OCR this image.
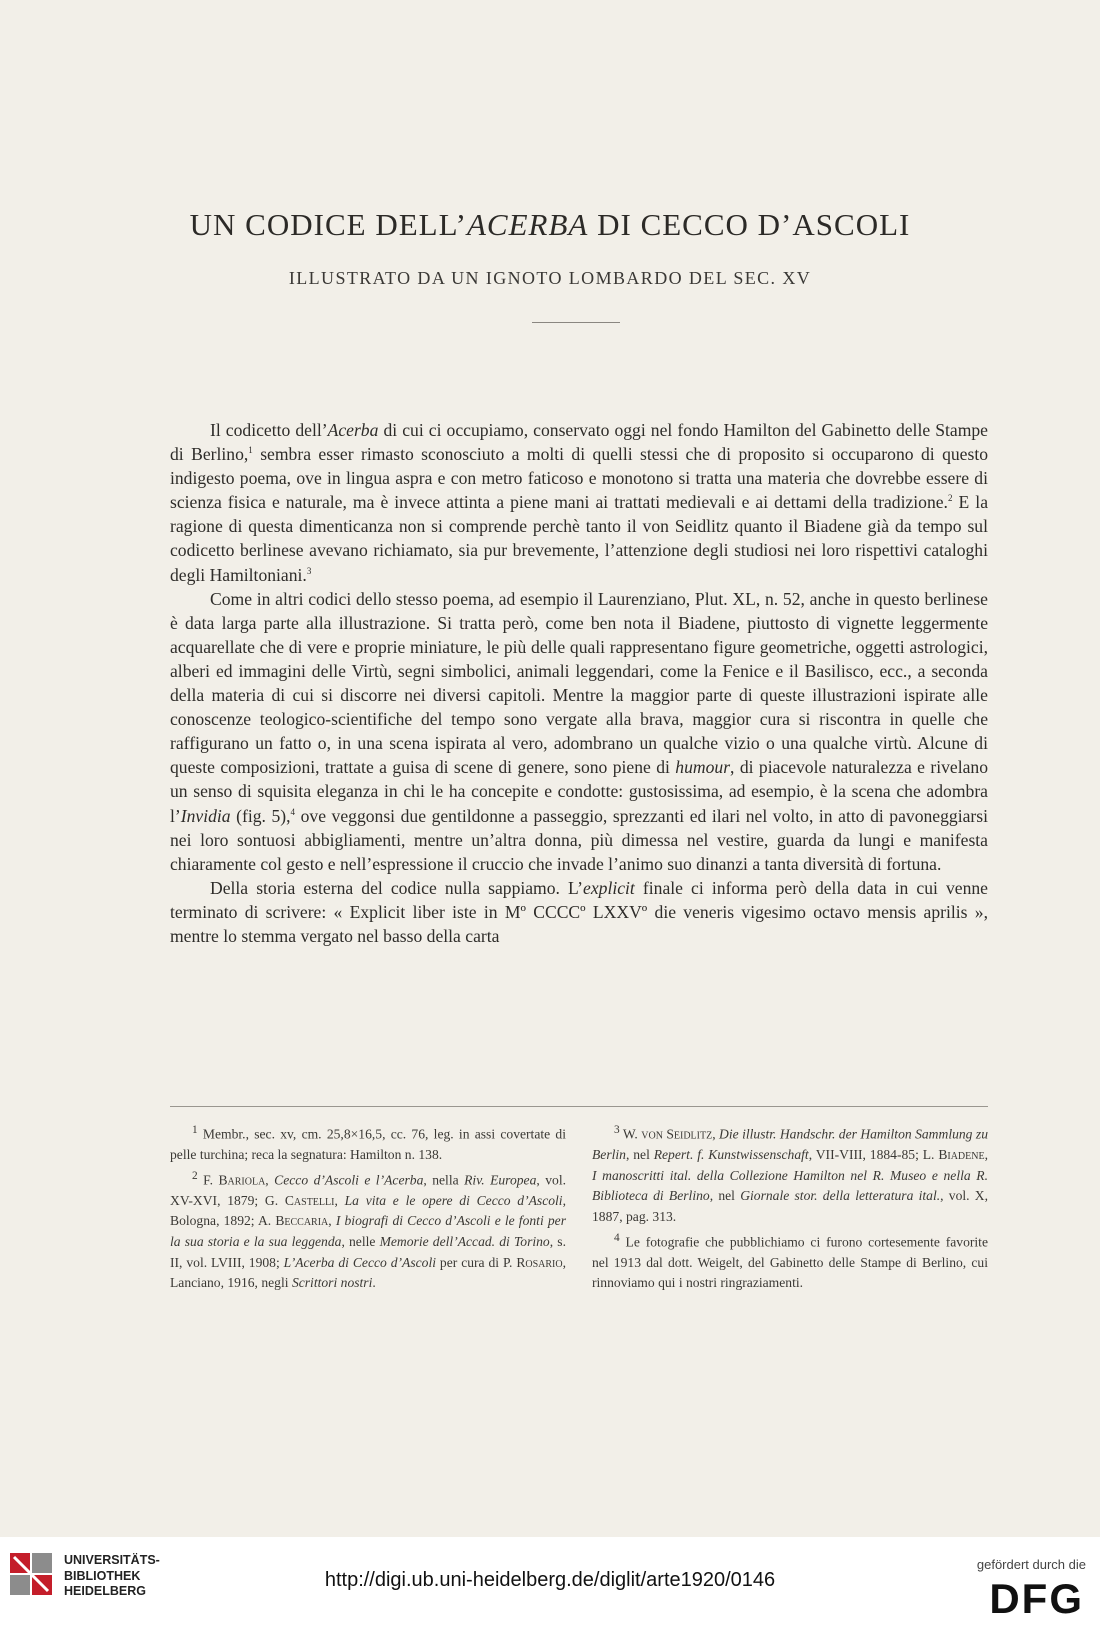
UN CODICE DELL’ACERBA DI CECCO D’ASCOLI
ILLUSTRATO DA UN IGNOTO LOMBARDO DEL SEC. XV

Il codicetto dell’Acerba di cui ci occupiamo, conservato oggi nel fondo Hamilton del Gabinetto delle Stampe di Berlino,$^1$ sembra esser rimasto sconosciuto a molti di quelli stessi che di proposito si occuparono di questo indigesto poema, ove in lingua aspra e con metro faticoso e monotono si tratta una materia che dovrebbe essere di scienza fisica e naturale, ma è invece attinta a piene mani ai trattati medievali e ai dettami della tradizione.$^2$ E la ragione di questa dimenticanza non si comprende perchè tanto il von Seidlitz quanto il Biadene già da tempo sul codicetto berlinese avevano richiamato, sia pur brevemente, l’attenzione degli studiosi nei loro rispettivi cataloghi degli Hamiltoniani.$^3$

Come in altri codici dello stesso poema, ad esempio il Laurenziano, Plut. XL, n. 52, anche in questo berlinese è data larga parte alla illustrazione. Si tratta però, come ben nota il Biadene, piuttosto di vignette leggermente acquarellate che di vere e proprie miniature, le più delle quali rappresentano figure geometriche, oggetti astrologici, alberi ed immagini delle Virtù, segni simbolici, animali leggendari, come la Fenice e il Basilisco, ecc., a seconda della materia di cui si discorre nei diversi capitoli. Mentre la maggior parte di queste illustrazioni ispirate alle conoscenze teologico-scientifiche del tempo sono vergate alla brava, maggior cura si riscontra in quelle che raffigurano un fatto o, in una scena ispirata al vero, adombrano un qualche vizio o una qualche virtù. Alcune di queste composizioni, trattate a guisa di scene di genere, sono piene di humour, di piacevole naturalezza e rivelano un senso di squisita eleganza in chi le ha concepite e condotte: gustosissima, ad esempio, è la scena che adombra l’Invidia (fig. 5),$^4$ ove veggonsi due gentildonne a passeggio, sprezzanti ed ilari nel volto, in atto di pavoneggiarsi nei loro sontuosi abbigliamenti, mentre un’altra donna, più dimessa nel vestire, guarda da lungi e manifesta chiaramente col gesto e nell’espressione il cruccio che invade l’animo suo dinanzi a tanta diversità di fortuna.

Della storia esterna del codice nulla sappiamo. L’explicit finale ci informa però della data in cui venne terminato di scrivere: « Explicit liber iste in Mº CCCCº LXXVº die veneris vigesimo octavo mensis aprilis », mentre lo stemma vergato nel basso della carta

$^1$ Membr., sec. xv, cm. 25,8×16,5, cc. 76, leg. in assi covertate di pelle turchina; reca la segnatura: Hamilton n. 138.

$^2$ F. Bariola, Cecco d’Ascoli e l’Acerba, nella Riv. Europea, vol. XV-XVI, 1879; G. Castelli, La vita e le opere di Cecco d’Ascoli, Bologna, 1892; A. Beccaria, I biografi di Cecco d’Ascoli e le fonti per la sua storia e la sua leggenda, nelle Memorie dell’Accad. di Torino, s. II, vol. LVIII, 1908; L’Acerba di Cecco d’Ascoli per cura di P. Rosario, Lanciano, 1916, negli Scrittori nostri.

$^3$ W. von Seidlitz, Die illustr. Handschr. der Hamilton Sammlung zu Berlin, nel Repert. f. Kunstwissenschaft, VII-VIII, 1884-85; L. Biadene, I manoscritti ital. della Collezione Hamilton nel R. Museo e nella R. Biblioteca di Berlino, nel Giornale stor. della letteratura ital., vol. X, 1887, pag. 313.

$^4$ Le fotografie che pubblichiamo ci furono cortesemente favorite nel 1913 dal dott. Weigelt, del Gabinetto delle Stampe di Berlino, cui rinnoviamo qui i nostri ringraziamenti.

UNIVERSITÄTS-
BIBLIOTHEK
HEIDELBERG	http://digi.ub.uni-heidelberg.de/diglit/arte1920/0146
gefördert durch die
DFG
